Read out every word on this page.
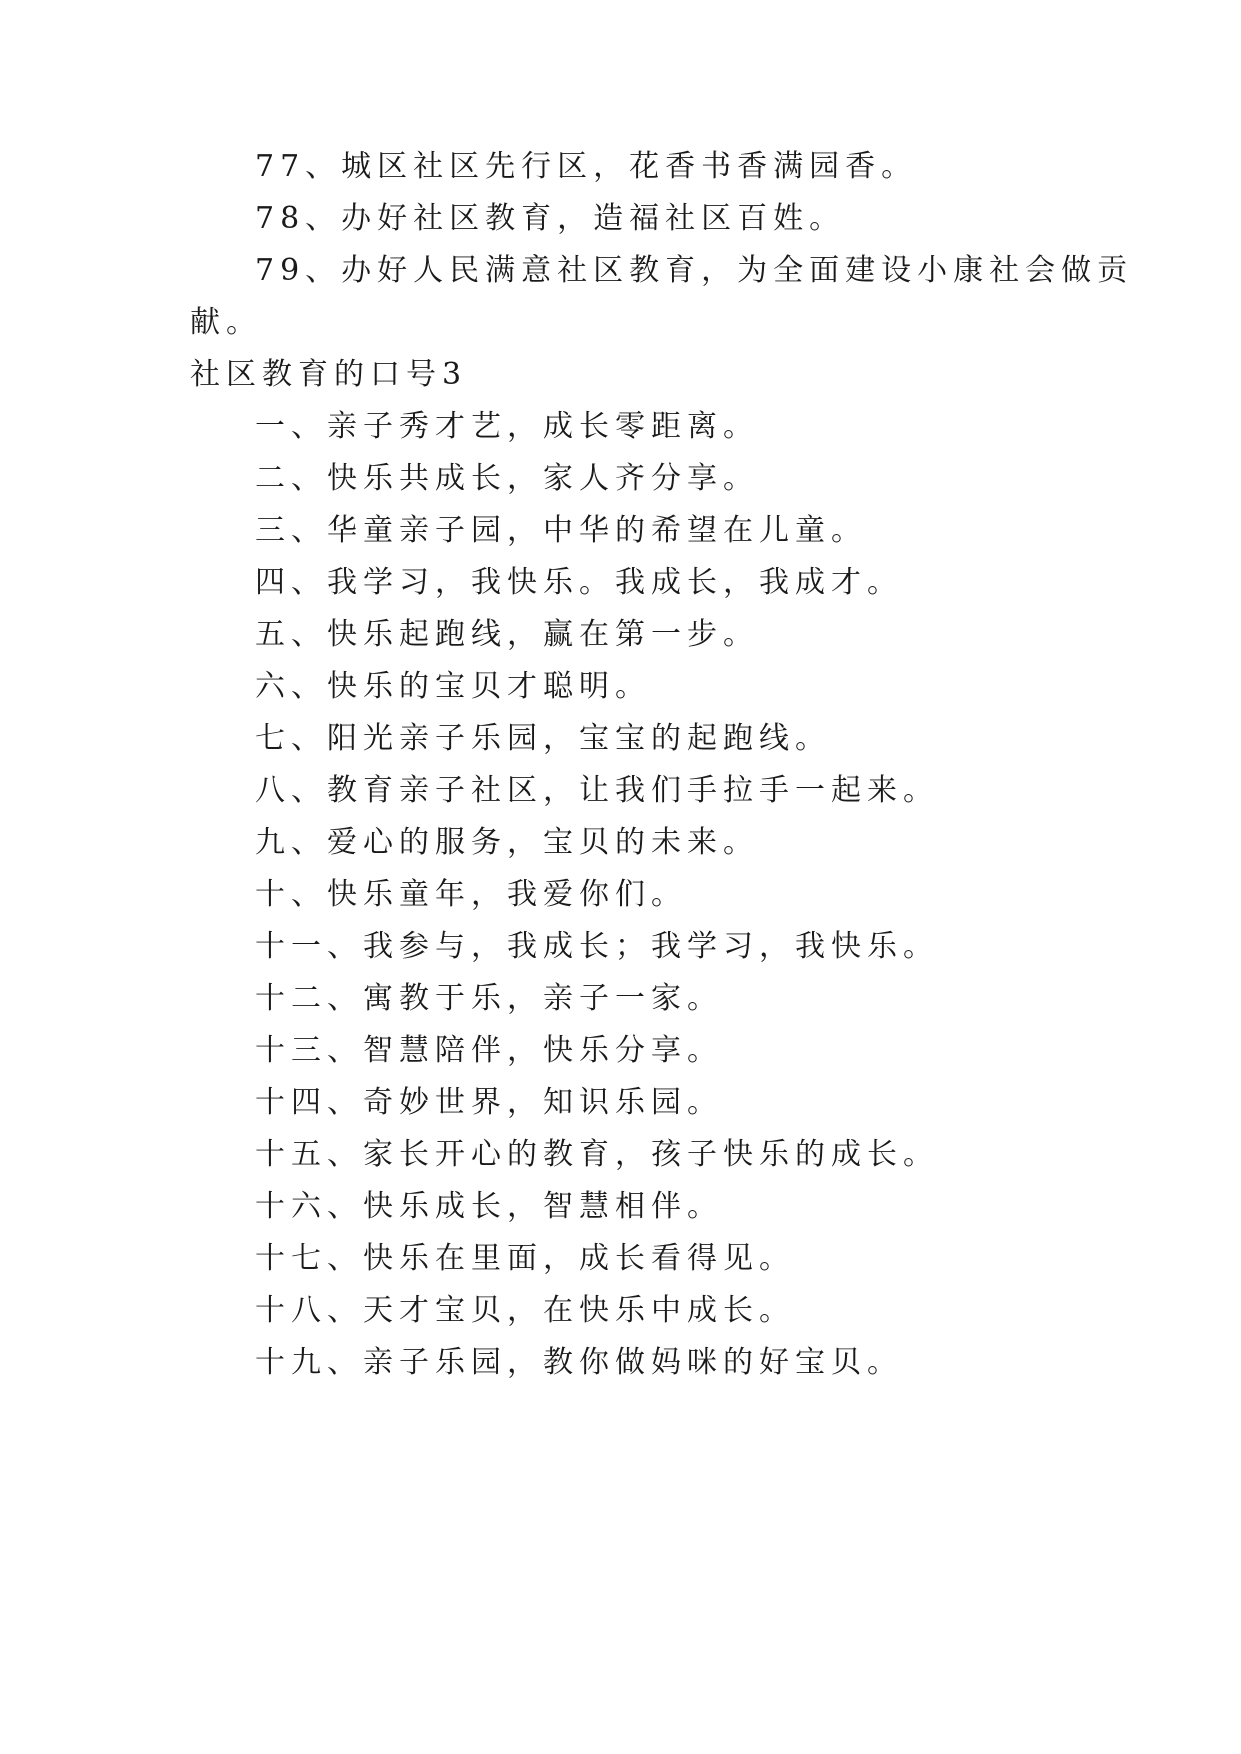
77、城区社区先行区，花香书香满园香。
78、办好社区教育，造福社区百姓。
79、办好人民满意社区教育，为全面建设小康社会做贡
献。
社区教育的口号3
一、亲子秀才艺，成长零距离。
二、快乐共成长，家人齐分享。
三、华童亲子园，中华的希望在儿童。
四、我学习，我快乐。我成长，我成才。
五、快乐起跑线，赢在第一步。
六、快乐的宝贝才聪明。
七、阳光亲子乐园，宝宝的起跑线。
八、教育亲子社区，让我们手拉手一起来。
九、爱心的服务，宝贝的未来。
十、快乐童年，我爱你们。
十一、我参与，我成长；我学习，我快乐。
十二、寓教于乐，亲子一家。
十三、智慧陪伴，快乐分享。
十四、奇妙世界，知识乐园。
十五、家长开心的教育，孩子快乐的成长。
十六、快乐成长，智慧相伴。
十七、快乐在里面，成长看得见。
十八、天才宝贝，在快乐中成长。
十九、亲子乐园，教你做妈咪的好宝贝。
